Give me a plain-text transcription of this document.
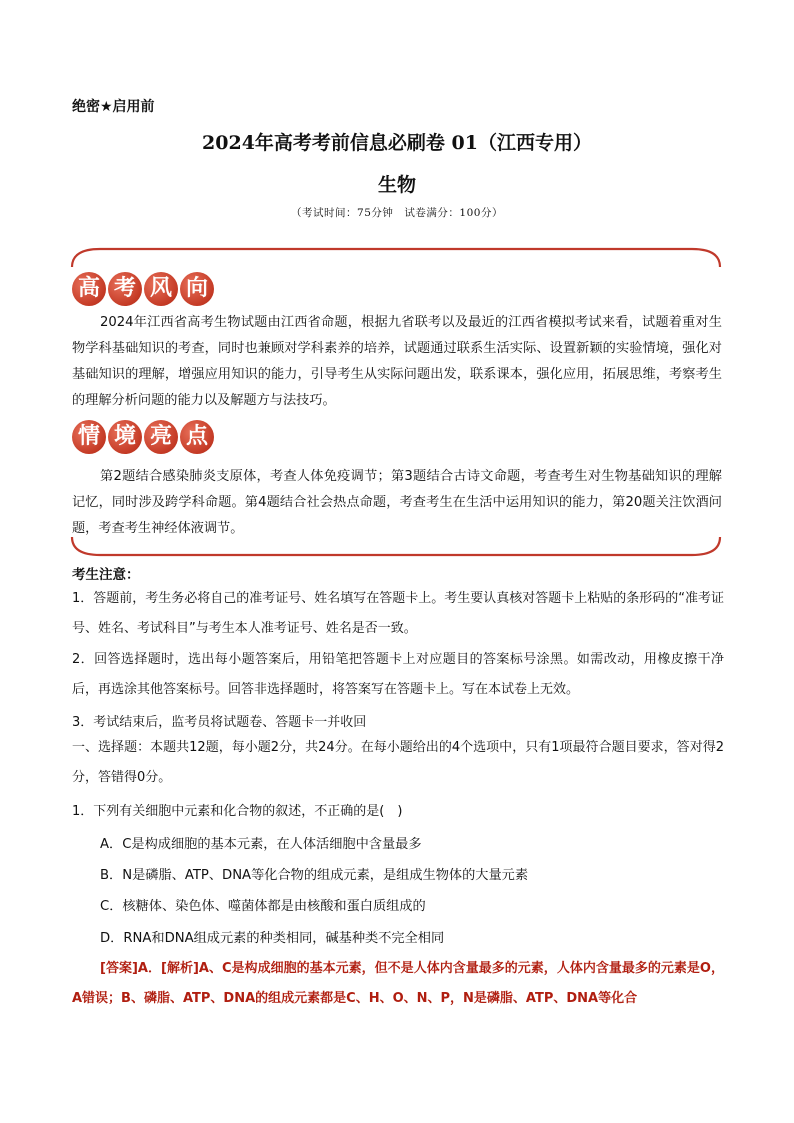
绝密★启用前
2024年高考考前信息必刷卷 01（江西专用）
生物
（考试时间：75分钟　试卷满分：100分）
高 考 风 向
2024年江西省高考生物试题由江西省命题，根据九省联考以及最近的江西省模拟考试来看，试题着重对生物学科基础知识的考查，同时也兼顾对学科素养的培养，试题通过联系生活实际、设置新颖的实验情境，强化对基础知识的理解，增强应用知识的能力，引导考生从实际问题出发，联系课本，强化应用，拓展思维，考察考生的理解分析问题的能力以及解题方与法技巧。
情 境 亮 点
第2题结合感染肺炎支原体，考查人体免疫调节；第3题结合古诗文命题，考查考生对生物基础知识的理解记忆，同时涉及跨学科命题。第4题结合社会热点命题，考查考生在生活中运用知识的能力，第20题关注饮酒问题，考查考生神经体液调节。
考生注意：
1．答题前，考生务必将自己的准考证号、姓名填写在答题卡上。考生要认真核对答题卡上粘贴的条形码的“准考证号、姓名、考试科目”与考生本人准考证号、姓名是否一致。
2．回答选择题时，选出每小题答案后，用铅笔把答题卡上对应题目的答案标号涂黑。如需改动，用橡皮擦干净后，再选涂其他答案标号。回答非选择题时，将答案写在答题卡上。写在本试卷上无效。
3．考试结束后，监考员将试题卷、答题卡一并收回
一、选择题：本题共12题，每小题2分，共24分。在每小题给出的4个选项中，只有1项最符合题目要求，答对得2分，答错得0分。
1．下列有关细胞中元素和化合物的叙述，不正确的是(　)
A．C是构成细胞的基本元素，在人体活细胞中含量最多
B．N是磷脂、ATP、DNA等化合物的组成元素，是组成生物体的大量元素
C．核糖体、染色体、噬菌体都是由核酸和蛋白质组成的
D．RNA和DNA组成元素的种类相同，碱基种类不完全相同
[答案]A．[解析]A、C是构成细胞的基本元素，但不是人体内含量最多的元素，人体内含量最多的元素是O，A错误；B、磷脂、ATP、DNA的组成元素都是C、H、O、N、P，N是磷脂、ATP、DNA等化合
